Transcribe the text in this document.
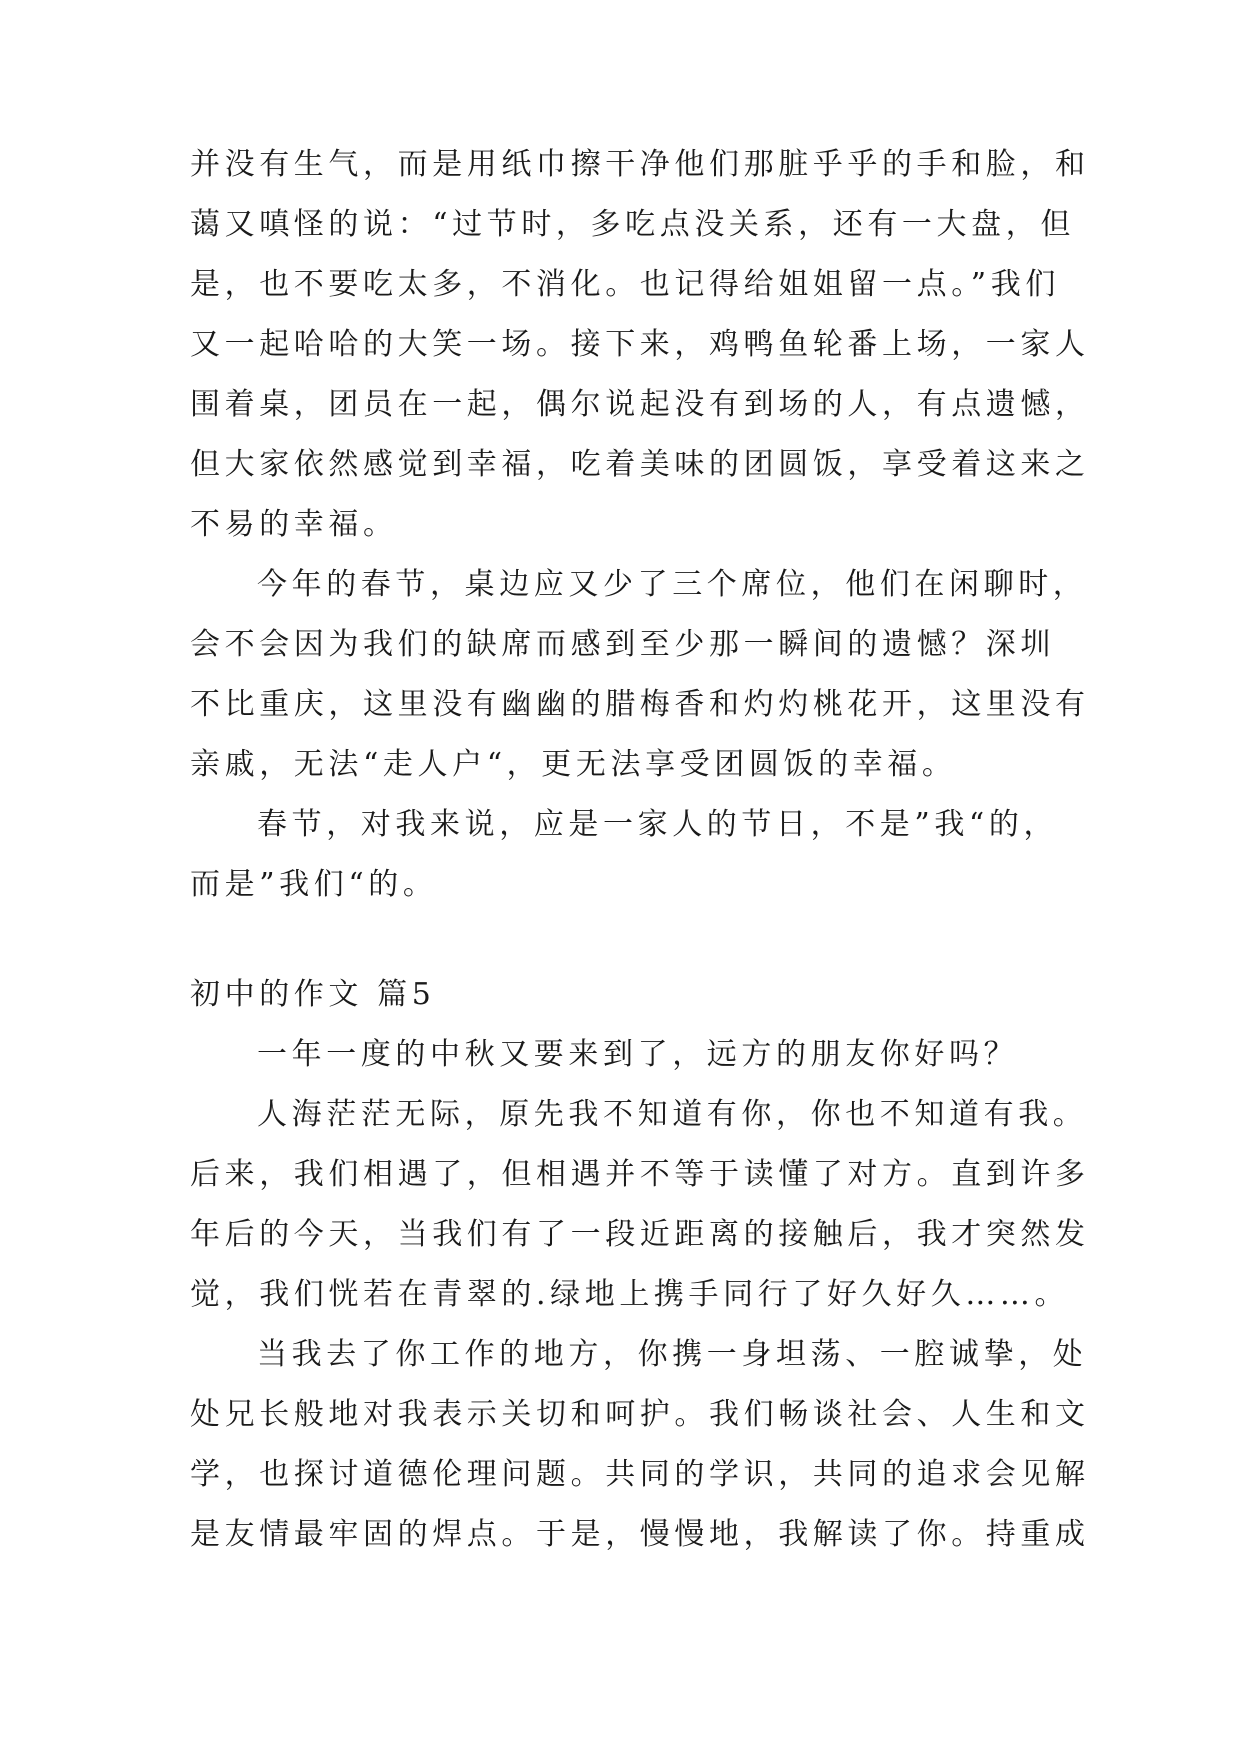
并没有生气，而是用纸巾擦干净他们那脏乎乎的手和脸，和
蔼又嗔怪的说：“过节时，多吃点没关系，还有一大盘，但
是，也不要吃太多，不消化。也记得给姐姐留一点。”我们
又一起哈哈的大笑一场。接下来，鸡鸭鱼轮番上场，一家人
围着桌，团员在一起，偶尔说起没有到场的人，有点遗憾，
但大家依然感觉到幸福，吃着美味的团圆饭，享受着这来之
不易的幸福。
今年的春节，桌边应又少了三个席位，他们在闲聊时，
会不会因为我们的缺席而感到至少那一瞬间的遗憾？深圳
不比重庆，这里没有幽幽的腊梅香和灼灼桃花开，这里没有
亲戚，无法“走人户“，更无法享受团圆饭的幸福。
春节，对我来说，应是一家人的节日，不是”我“的，
而是”我们“的。
初中的作文 篇5
一年一度的中秋又要来到了，远方的朋友你好吗？
人海茫茫无际，原先我不知道有你，你也不知道有我。
后来，我们相遇了，但相遇并不等于读懂了对方。直到许多
年后的今天，当我们有了一段近距离的接触后，我才突然发
觉，我们恍若在青翠的.绿地上携手同行了好久好久……。
当我去了你工作的地方，你携一身坦荡、一腔诚挚，处
处兄长般地对我表示关切和呵护。我们畅谈社会、人生和文
学，也探讨道德伦理问题。共同的学识，共同的追求会见解
是友情最牢固的焊点。于是，慢慢地，我解读了你。持重成
